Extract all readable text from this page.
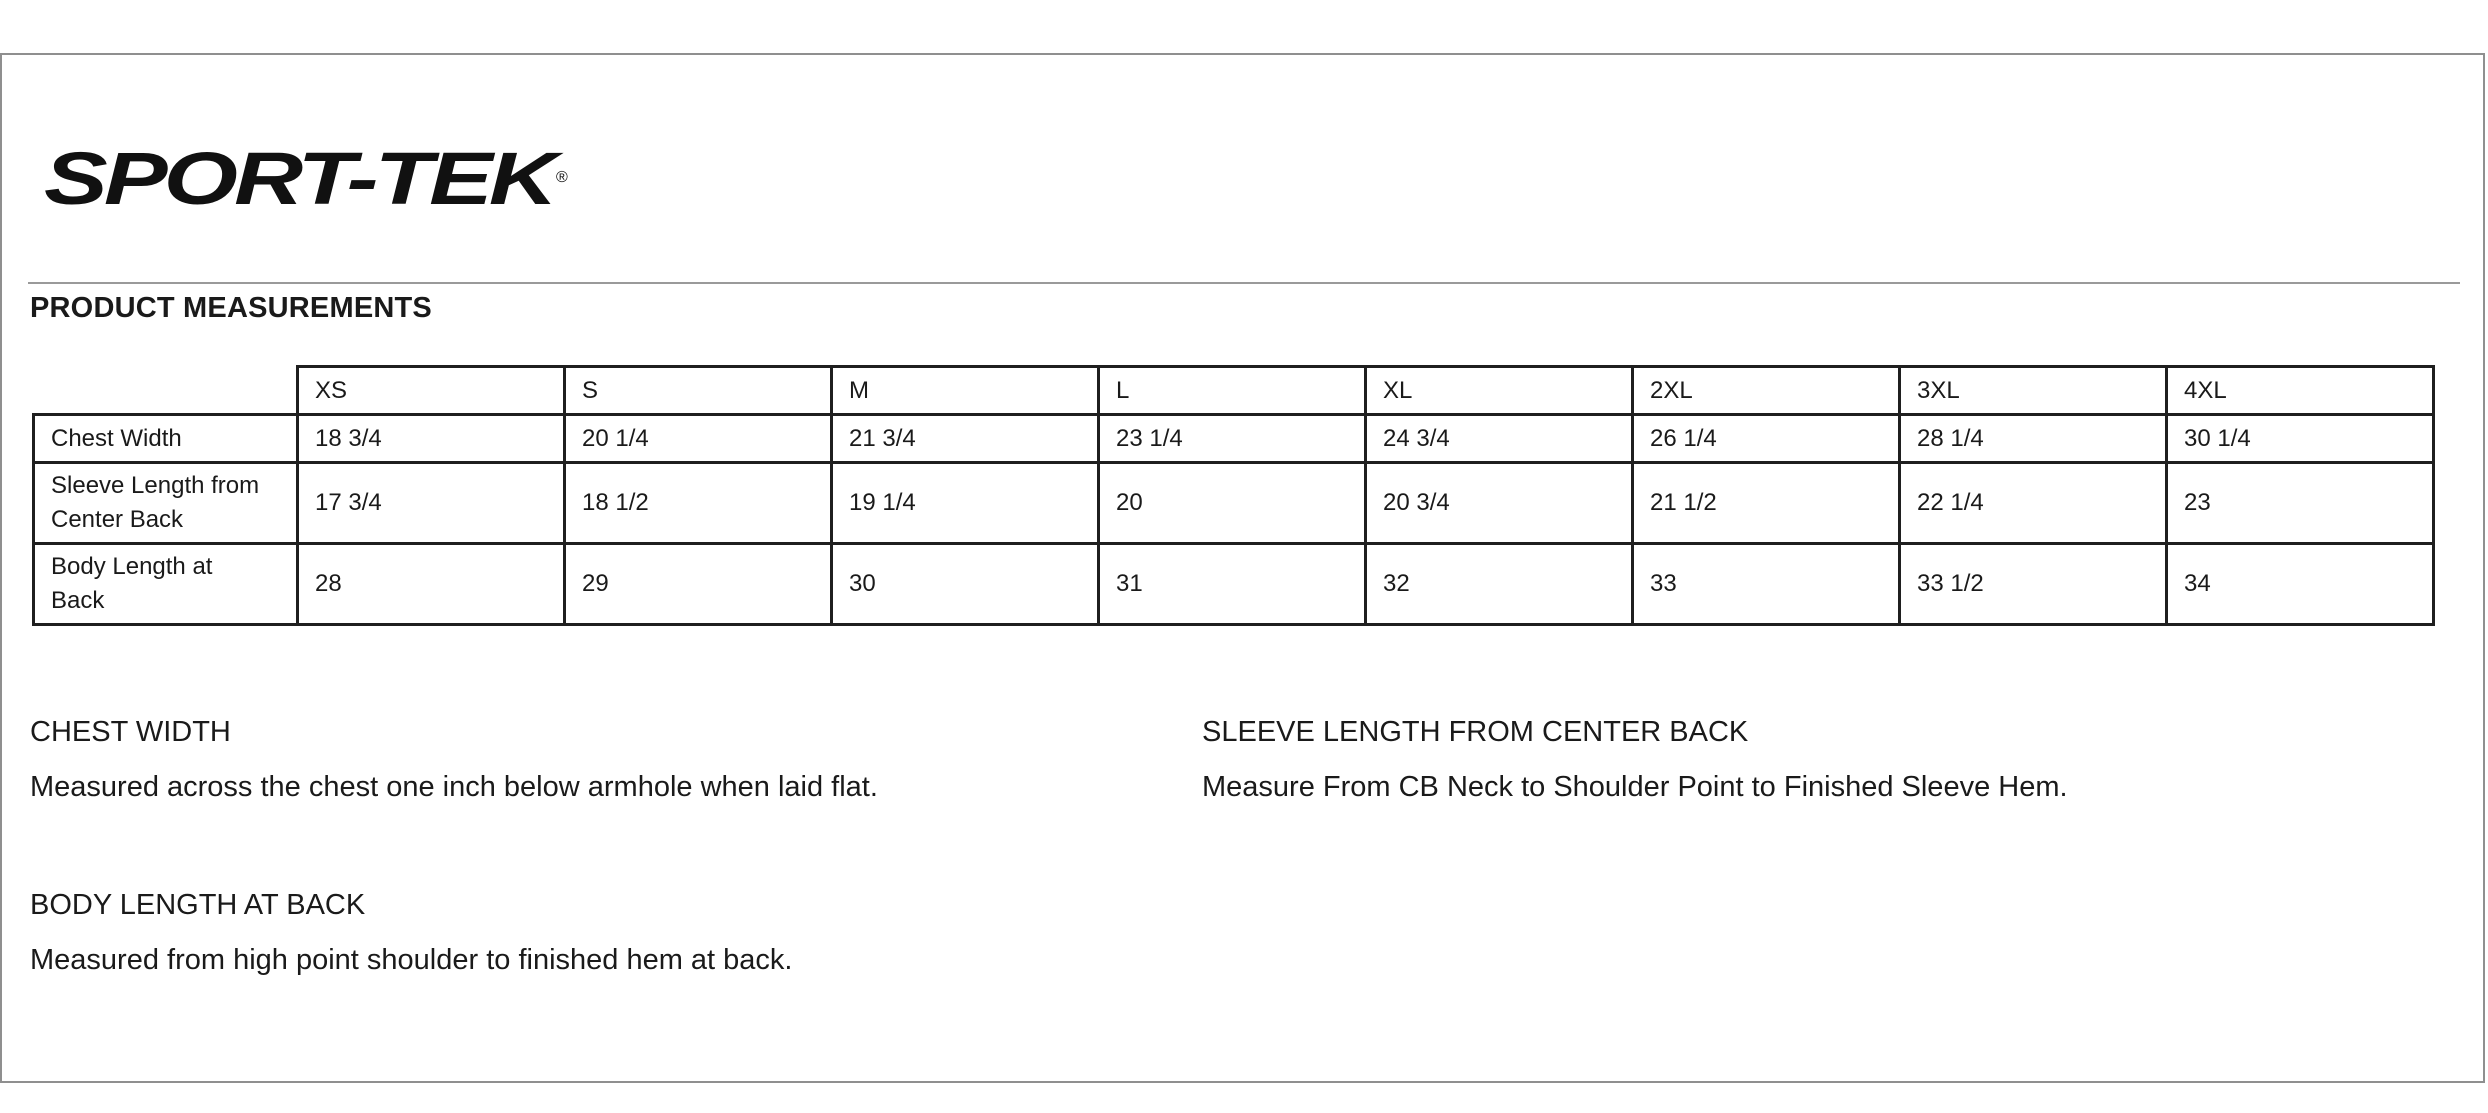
SPORT-TEK
®
PRODUCT MEASUREMENTS
	XS	S	M	L	XL	2XL	3XL	4XL
Chest Width	18 3/4	20 1/4	21 3/4	23 1/4	24 3/4	26 1/4	28 1/4	30 1/4
Sleeve Length from
Center Back	17 3/4	18 1/2	19 1/4	20	20 3/4	21 1/2	22 1/4	23
Body Length at
Back	28	29	30	31	32	33	33 1/2	34
CHEST WIDTH
Measured across the chest one inch below armhole when laid flat.
SLEEVE LENGTH FROM CENTER BACK
Measure From CB Neck to Shoulder Point to Finished Sleeve Hem.
BODY LENGTH AT BACK
Measured from high point shoulder to finished hem at back.
